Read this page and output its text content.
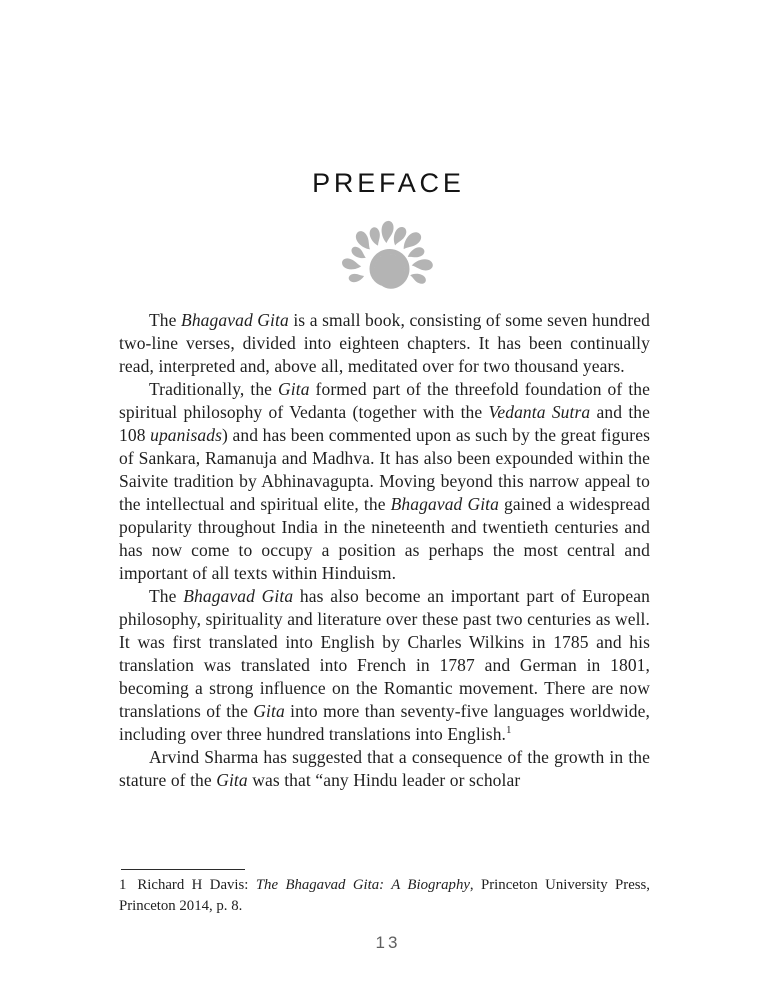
PREFACE

The Bhagavad Gita is a small book, consisting of some seven hundred two-line verses, divided into eighteen chapters. It has been continually read, interpreted and, above all, meditated over for two thousand years.

Traditionally, the Gita formed part of the threefold foundation of the spiritual philosophy of Vedanta (together with the Vedanta Sutra and the 108 upanisads) and has been commented upon as such by the great figures of Sankara, Ramanuja and Madhva. It has also been expounded within the Saivite tradition by Abhinavagupta. Moving beyond this narrow appeal to the intellectual and spiritual elite, the Bhagavad Gita gained a widespread popularity throughout India in the nineteenth and twentieth centuries and has now come to occupy a position as perhaps the most central and important of all texts within Hinduism.

The Bhagavad Gita has also become an important part of European philosophy, spirituality and literature over these past two centuries as well. It was first translated into English by Charles Wilkins in 1785 and his translation was translated into French in 1787 and German in 1801, becoming a strong influence on the Romantic movement. There are now translations of the Gita into more than seventy-five languages worldwide, including over three hundred translations into English.$^1$

Arvind Sharma has suggested that a consequence of the growth in the stature of the Gita was that “any Hindu leader or scholar

1 Richard H Davis: The Bhagavad Gita: A Biography, Princeton University Press, Princeton 2014, p. 8.
13
